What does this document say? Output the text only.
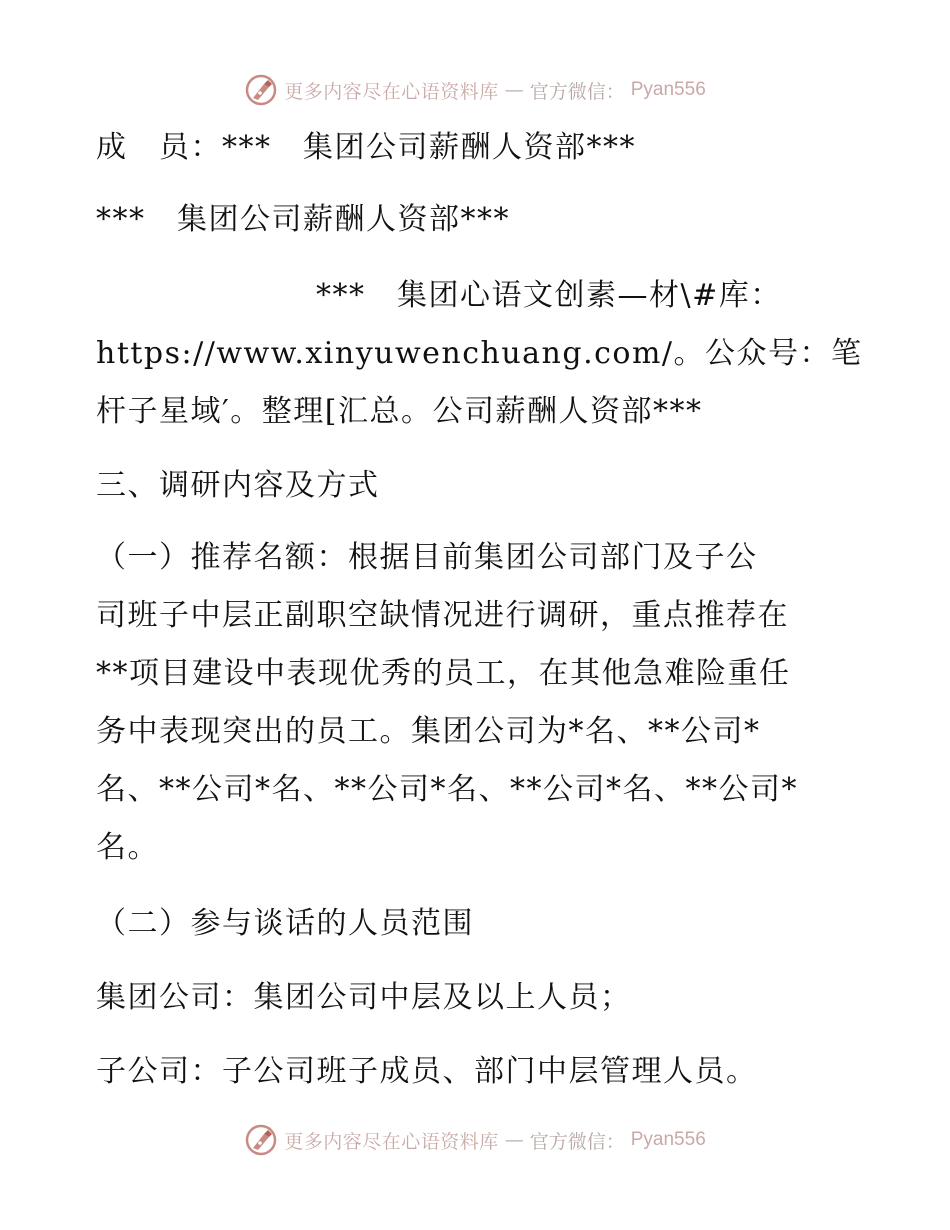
更多内容尽在心语资料库 — 官方微信： Pyan556
成　员：***　集团公司薪酬人资部***
***　集团公司薪酬人资部***
***　集团心语文创素—材\#库：
https://www.xinyuwenchuang.com/。公众号：笔
杆子星域′。整理[汇总。公司薪酬人资部***
三、调研内容及方式
（一）推荐名额：根据目前集团公司部门及子公
司班子中层正副职空缺情况进行调研，重点推荐在
**项目建设中表现优秀的员工，在其他急难险重任
务中表现突出的员工。集团公司为*名、**公司*
名、**公司*名、**公司*名、**公司*名、**公司*
名。
（二）参与谈话的人员范围
集团公司：集团公司中层及以上人员；
子公司：子公司班子成员、部门中层管理人员。
更多内容尽在心语资料库 — 官方微信： Pyan556
